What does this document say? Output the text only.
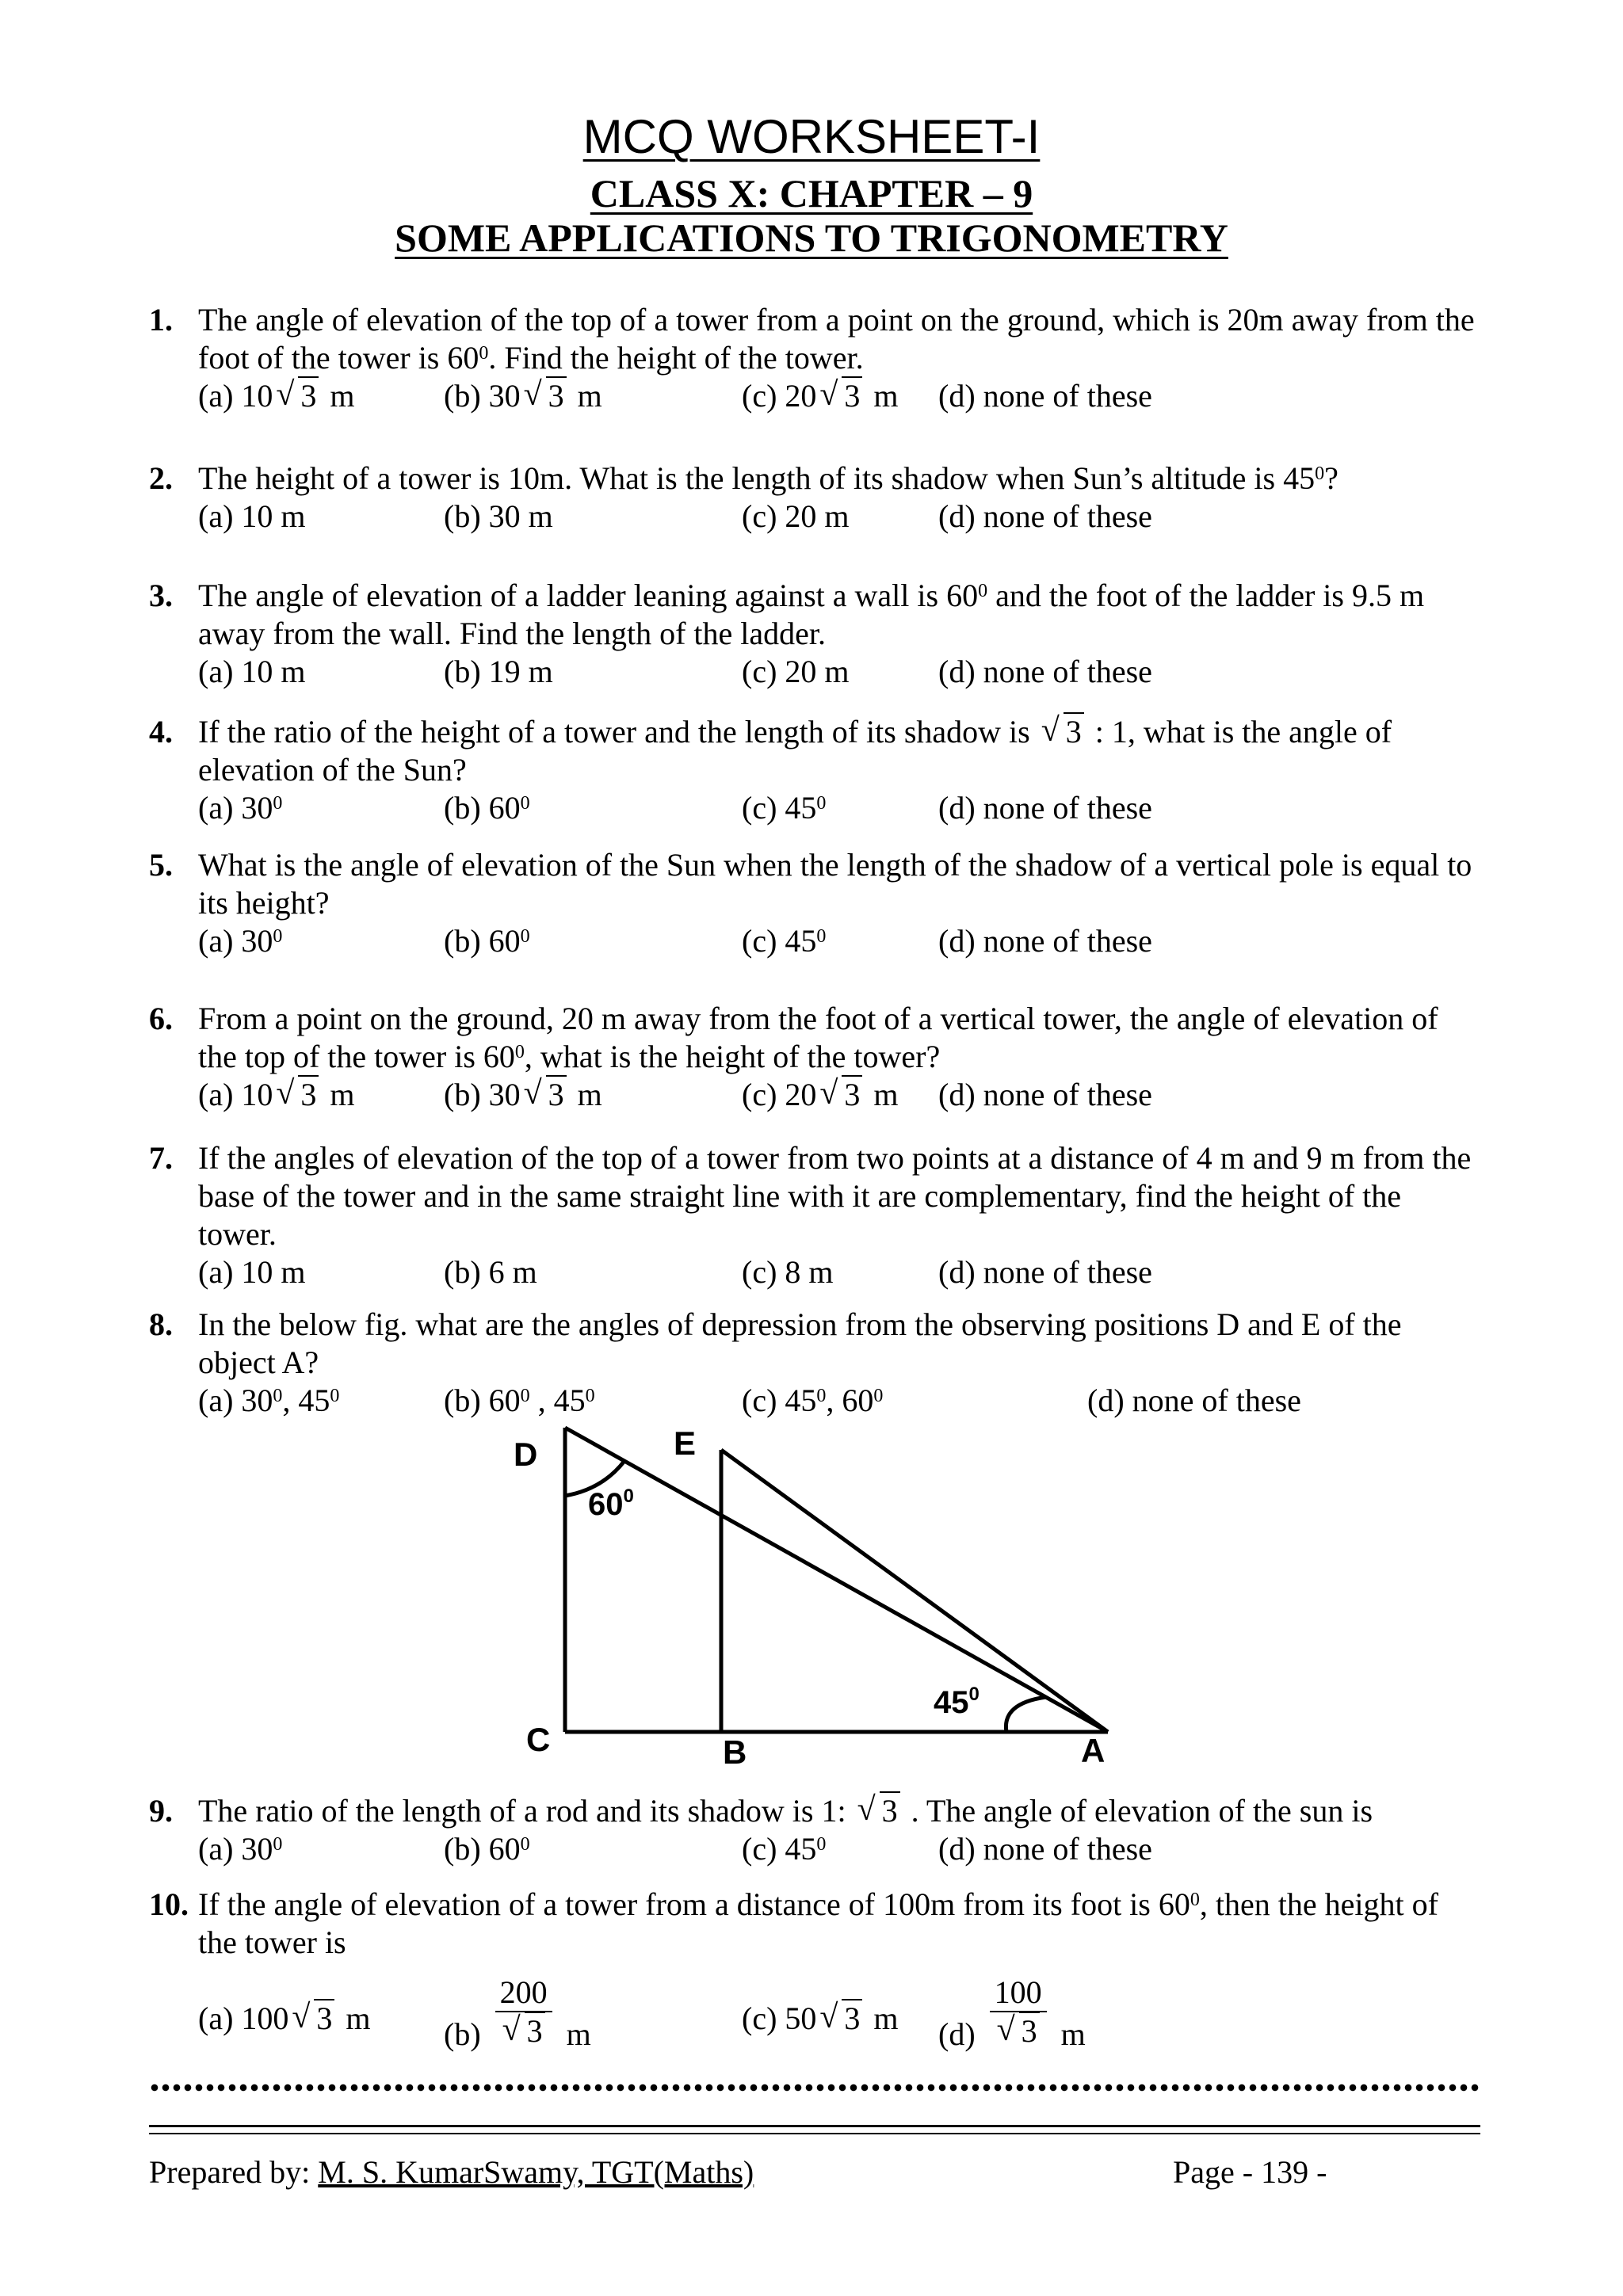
MCQ WORKSHEET-I
CLASS X: CHAPTER – 9
SOME APPLICATIONS TO TRIGONOMETRY
1. The angle of elevation of the top of a tower from a point on the ground, which is 20m away from the foot of the tower is $60^0$. Find the height of the tower.
(a) 10 √ 3 m	(b) 30 √ 3 m	(c) 20 √ 3 m (d) none of these
2. The height of a tower is 10m. What is the length of its shadow when Sun’s altitude is $45^0$?
(a) 10 m	(b) 30 m	(c) 20 m	(d) none of these
3. The angle of elevation of a ladder leaning against a wall is $60^0$ and the foot of the ladder is 9.5 m away from the wall. Find the length of the ladder.
(a) 10 m	(b) 19 m	(c) 20 m	(d) none of these
4. If the ratio of the height of a tower and the length of its shadow is √ 3 : 1, what is the angle of elevation of the Sun?
(a) $30^0$	(b) $60^0$	(c) $45^0$	(d) none of these
5. What is the angle of elevation of the Sun when the length of the shadow of a vertical pole is equal to its height?
(a) $30^0$	(b) $60^0$	(c) $45^0$	(d) none of these
6. From a point on the ground, 20 m away from the foot of a vertical tower, the angle of elevation of the top of the tower is $60^0$, what is the height of the tower?
(a) 10 √ 3 m	(b) 30 √ 3 m	(c) 20 √ 3 m (d) none of these
7. If the angles of elevation of the top of a tower from two points at a distance of 4 m and 9 m from the base of the tower and in the same straight line with it are complementary, find the height of the tower.
(a) 10 m	(b) 6 m	(c) 8 m	(d) none of these
8. In the below fig. what are the angles of depression from the observing positions D and E of the object A?
(a) $30^0$, $45^0$	(b) $60^0$ , $45^0$	(c) $45^0$, $60^0$	(d) none of these
D	E
C	B	A
$60^0$
$45^0$
9. The ratio of the length of a rod and its shadow is 1: √ 3 . The angle of elevation of the sun is
(a) $30^0$	(b) $60^0$	(c) $45^0$	(d) none of these
10. If the angle of elevation of a tower from a distance of 100m from its foot is $60^0$, then the height of the tower is
(a) 100 √ 3 m (b) 200
√ 3 m	(c) 50 √ 3 m (d) 100
√ 3 m
Prepared by: M. S. KumarSwamy, TGT(Maths)	Page - 139 -
